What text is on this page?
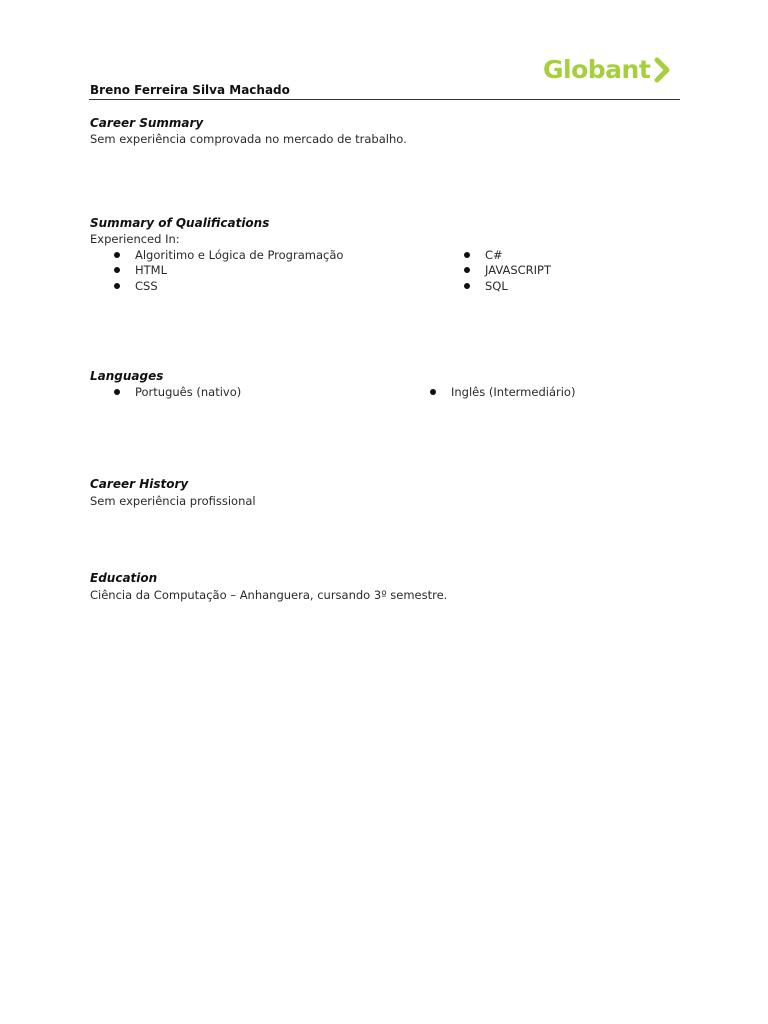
Globant
Breno Ferreira Silva Machado
Career Summary
Sem experiência comprovada no mercado de trabalho.
Summary of Qualifications
Experienced In:
Algoritimo e Lógica de Programação
HTML
CSS
C#
JAVASCRIPT
SQL
Languages
Português (nativo)	Inglês (Intermediário)
Career History
Sem experiência profissional
Education
Ciência da Computação – Anhanguera, cursando 3º semestre.
